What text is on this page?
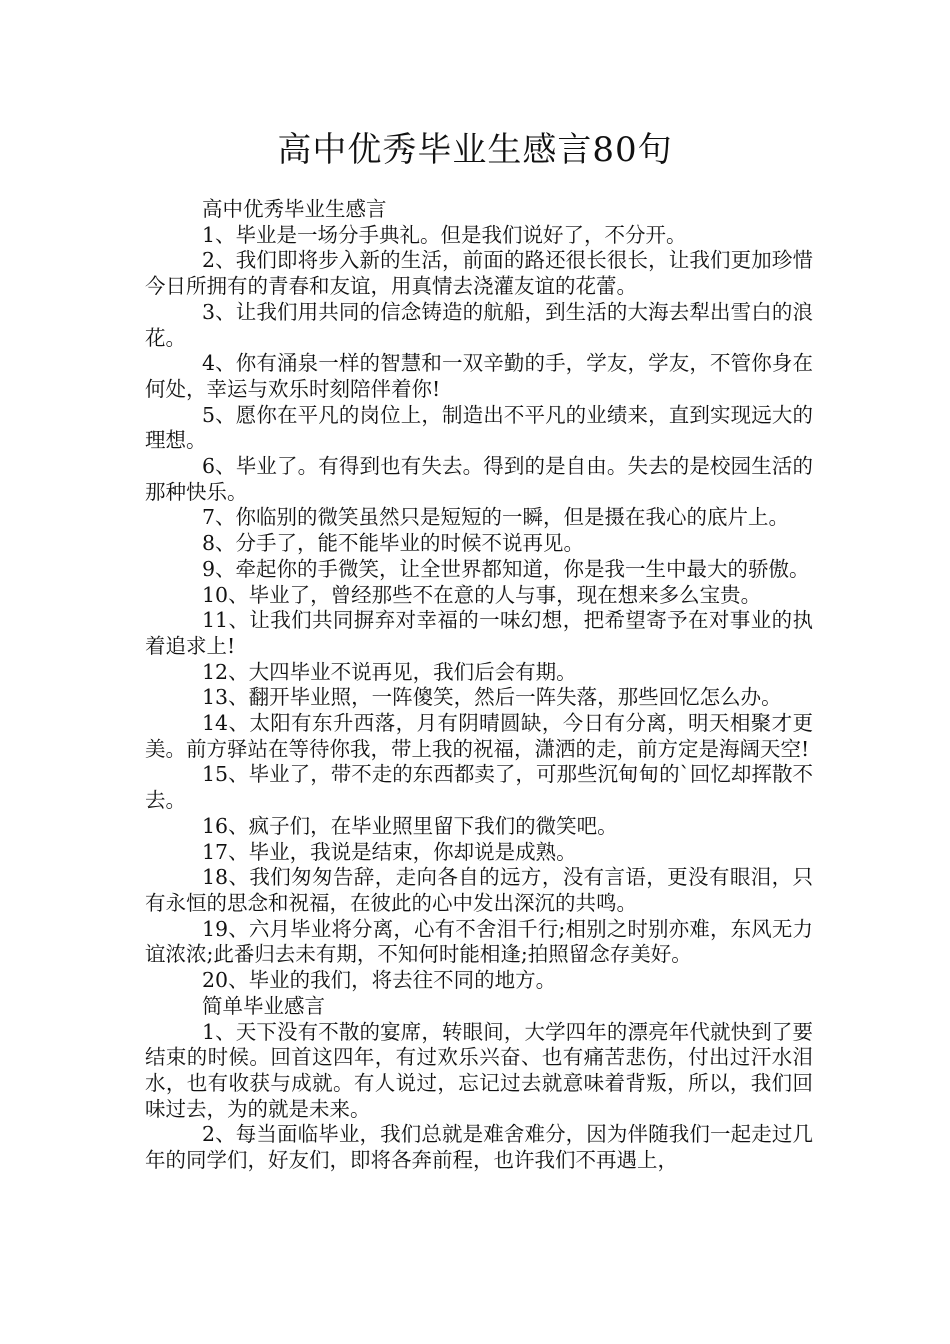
高中优秀毕业生感言80句

高中优秀毕业生感言

1、毕业是一场分手典礼。但是我们说好了，不分开。

2、我们即将步入新的生活，前面的路还很长很长，让我们更加珍惜今日所拥有的青春和友谊，用真情去浇灌友谊的花蕾。

3、让我们用共同的信念铸造的航船，到生活的大海去犁出雪白的浪花。

4、你有涌泉一样的智慧和一双辛勤的手，学友，学友，不管你身在何处，幸运与欢乐时刻陪伴着你!

5、愿你在平凡的岗位上，制造出不平凡的业绩来，直到实现远大的理想。

6、毕业了。有得到也有失去。得到的是自由。失去的是校园生活的那种快乐。

7、你临别的微笑虽然只是短短的一瞬，但是摄在我心的底片上。

8、分手了，能不能毕业的时候不说再见。

9、牵起你的手微笑，让全世界都知道，你是我一生中最大的骄傲。

10、毕业了，曾经那些不在意的人与事，现在想来多么宝贵。

11、让我们共同摒弃对幸福的一味幻想，把希望寄予在对事业的执着追求上!

12、大四毕业不说再见，我们后会有期。

13、翻开毕业照，一阵傻笑，然后一阵失落，那些回忆怎么办。

14、太阳有东升西落，月有阴晴圆缺，今日有分离，明天相聚才更美。前方驿站在等待你我，带上我的祝福，潇洒的走，前方定是海阔天空!

15、毕业了，带不走的东西都卖了，可那些沉甸甸的`回忆却挥散不去。

16、疯子们，在毕业照里留下我们的微笑吧。

17、毕业，我说是结束，你却说是成熟。

18、我们匆匆告辞，走向各自的远方，没有言语，更没有眼泪，只有永恒的思念和祝福，在彼此的心中发出深沉的共鸣。

19、六月毕业将分离，心有不舍泪千行;相别之时别亦难，东风无力谊浓浓;此番归去未有期，不知何时能相逢;拍照留念存美好。

20、毕业的我们，将去往不同的地方。

简单毕业感言

1、天下没有不散的宴席，转眼间，大学四年的漂亮年代就快到了要结束的时候。回首这四年，有过欢乐兴奋、也有痛苦悲伤，付出过汗水泪水，也有收获与成就。有人说过，忘记过去就意味着背叛，所以，我们回味过去，为的就是未来。

2、每当面临毕业，我们总就是难舍难分，因为伴随我们一起走过几年的同学们，好友们，即将各奔前程，也许我们不再遇上，
